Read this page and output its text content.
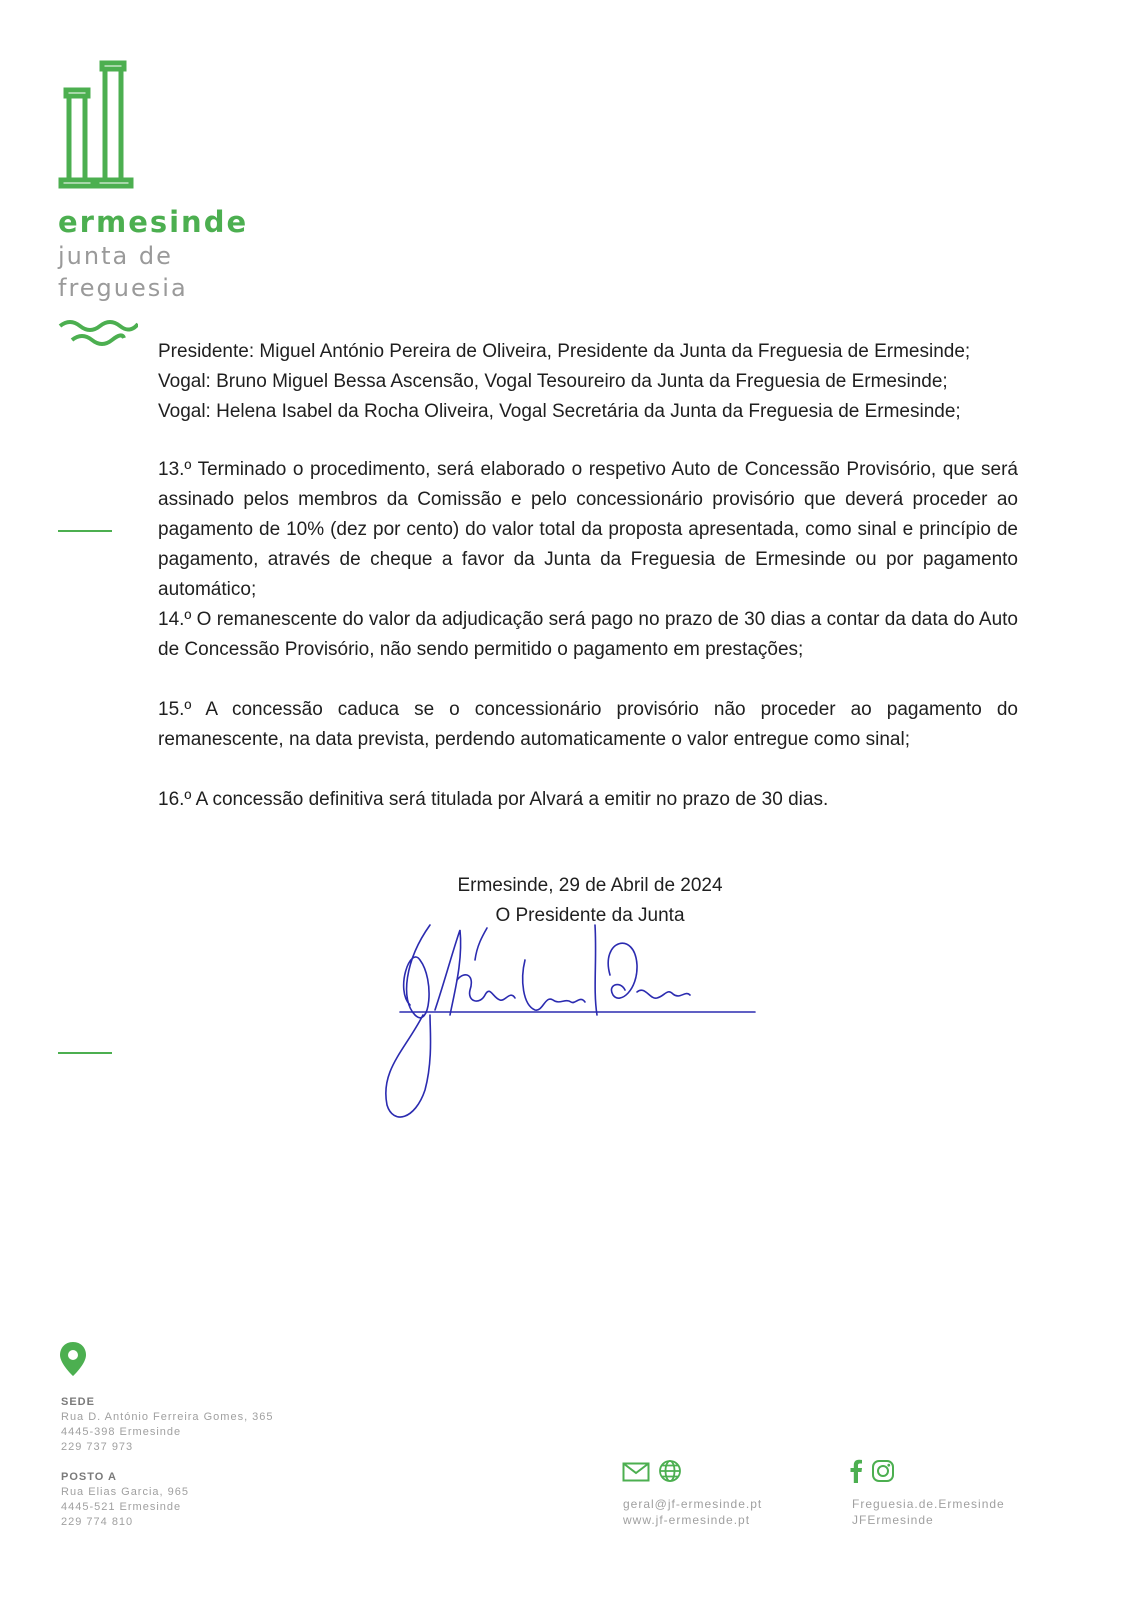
ermesinde
junta de
freguesia

Presidente: Miguel António Pereira de Oliveira, Presidente da Junta da Freguesia de Ermesinde;

Vogal: Bruno Miguel Bessa Ascensão, Vogal Tesoureiro da Junta da Freguesia de Ermesinde;

Vogal: Helena Isabel da Rocha Oliveira, Vogal Secretária da Junta da Freguesia de Ermesinde;

13.º Terminado o procedimento, será elaborado o respetivo Auto de Concessão Provisório, que será assinado pelos membros da Comissão e pelo concessionário provisório que deverá proceder ao pagamento de 10% (dez por cento) do valor total da proposta apresentada, como sinal e princípio de pagamento, através de cheque a favor da Junta da Freguesia de Ermesinde ou por pagamento automático;

14.º O remanescente do valor da adjudicação será pago no prazo de 30 dias a contar da data do Auto de Concessão Provisório, não sendo permitido o pagamento em prestações;

15.º A concessão caduca se o concessionário provisório não proceder ao pagamento do remanescente, na data prevista, perdendo automaticamente o valor entregue como sinal;

16.º A concessão definitiva será titulada por Alvará a emitir no prazo de 30 dias.

Ermesinde, 29 de Abril de 2024
O Presidente da Junta
SEDE
Rua D. António Ferreira Gomes, 365
4445-398 Ermesinde
229 737 973
POSTO A
Rua Elias Garcia, 965
4445-521 Ermesinde
229 774 810
geral@jf-ermesinde.pt
www.jf-ermesinde.pt
Freguesia.de.Ermesinde
JFErmesinde
